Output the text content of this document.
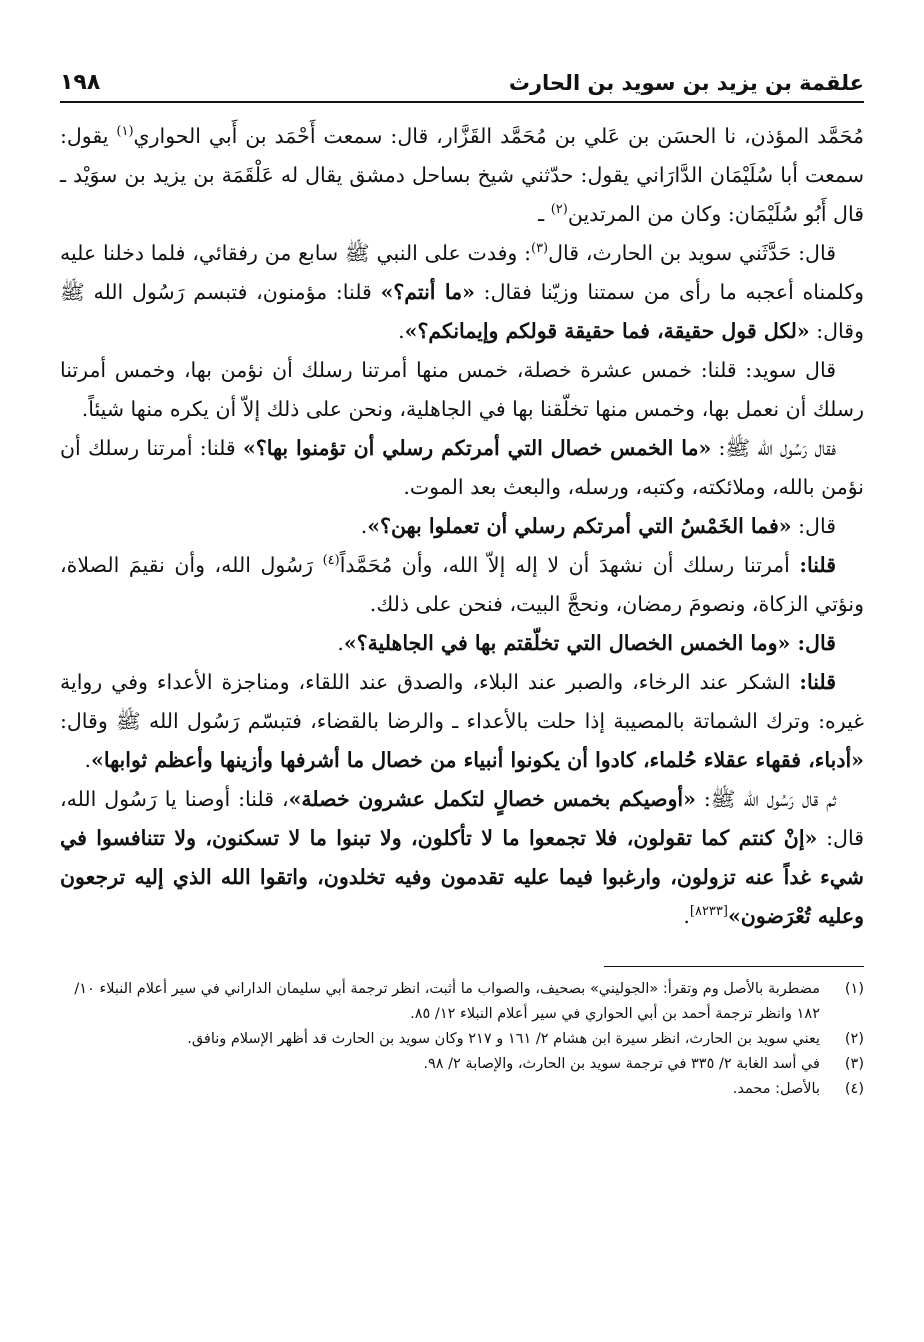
علقمة بن يزيد بن سويد بن الحارث
١٩٨

مُحَمَّد المؤذن، نا الحسَن بن عَلي بن مُحَمَّد القَزَّار، قال: سمعت أَحْمَد بن أَبي الحواري$^{(١)}$ يقول: سمعت أبا سُلَيْمَان الدَّارَاني يقول: حدّثني شيخ بساحل دمشق يقال له عَلْقَمَة بن يزيد بن سوَيْد ـ قال أَبُو سُلَيْمَان: وكان من المرتدين$^{(٢)}$ ـ

قال: حَدَّثَني سويد بن الحارث، قال$^{(٣)}$: وفدت على النبي ﷺ سابع من رفقائي، فلما دخلنا عليه وكلمناه أعجبه ما رأى من سمتنا وزيّنا فقال: «ما أنتم؟» قلنا: مؤمنون، فتبسم رَسُول الله ﷺ وقال: «لكل قول حقيقة، فما حقيقة قولكم وإيمانكم؟».

قال سويد: قلنا: خمس عشرة خصلة، خمس منها أمرتنا رسلك أن نؤمن بها، وخمس أمرتنا رسلك أن نعمل بها، وخمس منها تخلّقنا بها في الجاهلية، ونحن على ذلك إلاّ أن يكره منها شيئاً.

فقال رَسُول الله ﷺ: «ما الخمس خصال التي أمرتكم رسلي أن تؤمنوا بها؟» قلنا: أمرتنا رسلك أن نؤمن بالله، وملائكته، وكتبه، ورسله، والبعث بعد الموت.

قال: «فما الخَمْسُ التي أمرتكم رسلي أن تعملوا بهن؟».

قلنا: أمرتنا رسلك أن نشهدَ أن لا إله إلاّ الله، وأن مُحَمَّداً$^{(٤)}$ رَسُول الله، وأن نقيمَ الصلاة، ونؤتي الزكاة، ونصومَ رمضان، ونحجَّ البيت، فنحن على ذلك.

قال: «وما الخمس الخصال التي تخلّقتم بها في الجاهلية؟».

قلنا: الشكر عند الرخاء، والصبر عند البلاء، والصدق عند اللقاء، ومناجزة الأعداء وفي رواية غيره: وترك الشماتة بالمصيبة إذا حلت بالأعداء ـ والرضا بالقضاء، فتبسّم رَسُول الله ﷺ وقال: «أدباء، فقهاء عقلاء حُلماء، كادوا أن يكونوا أنبياء من خصال ما أشرفها وأزينها وأعظم ثوابها».

ثم قال رَسُول الله ﷺ: «أوصيكم بخمس خصالٍ لتكمل عشرون خصلة»، قلنا: أوصنا يا رَسُول الله، قال: «إنْ كنتم كما تقولون، فلا تجمعوا ما لا تأكلون، ولا تبنوا ما لا تسكنون، ولا تتنافسوا في شيء غداً عنه تزولون، وارغبوا فيما عليه تقدمون وفيه تخلدون، واتقوا الله الذي إليه ترجعون وعليه تُعْرَضون»[٨٢٣٣].

(١)
مضطربة بالأصل وم وتقرأ: «الجوليني» بصحيف، والصواب ما أثبت، انظر ترجمة أبي سليمان الداراني في سير أعلام النبلاء ١٠/ ١٨٢ وانظر ترجمة أحمد بن أبي الحواري في سير أعلام النبلاء ١٢/ ٨٥.
(٢)
يعني سويد بن الحارث، انظر سيرة ابن هشام ٢/ ١٦١ و ٢١٧ وكان سويد بن الحارث قد أظهر الإسلام ونافق.
(٣)
في أسد الغابة ٢/ ٣٣٥ في ترجمة سويد بن الحارث، والإصابة ٢/ ٩٨.
(٤)
بالأصل: محمد.
